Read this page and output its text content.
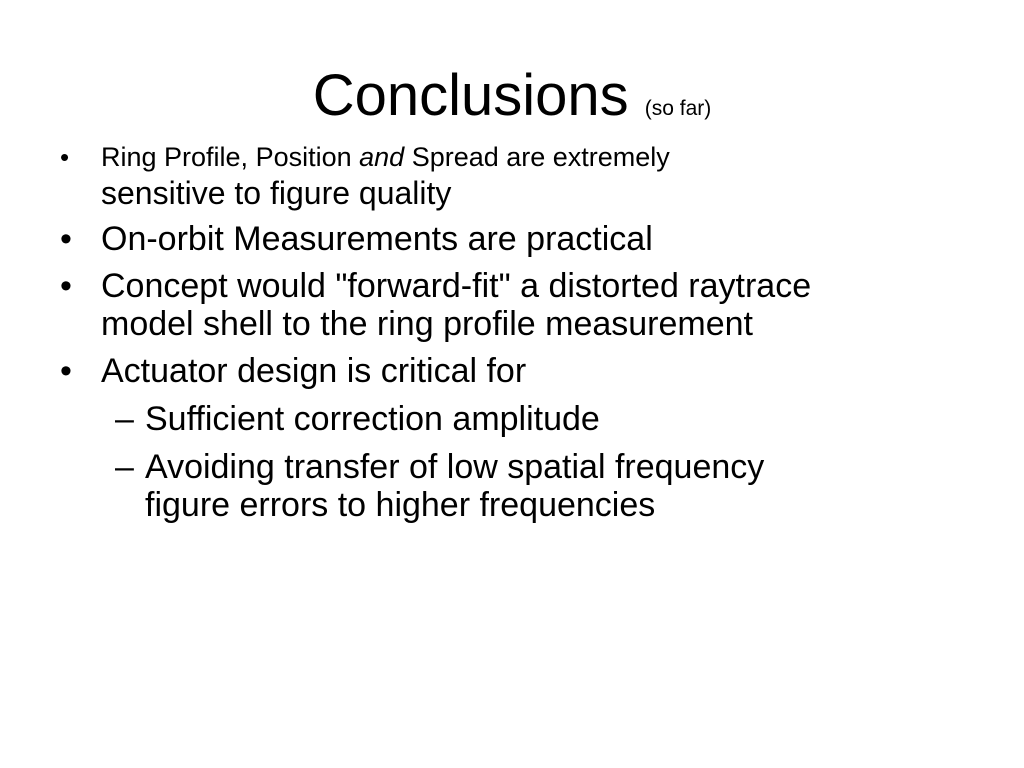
Conclusions (so far)
• Ring Profile, Position and Spread are extremely
sensitive to figure quality
• On-orbit Measurements are practical
• Concept would "forward-fit" a distorted raytrace
model shell to the ring profile measurement
• Actuator design is critical for
– Sufficient correction amplitude
– Avoiding transfer of low spatial frequency
figure errors to higher frequencies
